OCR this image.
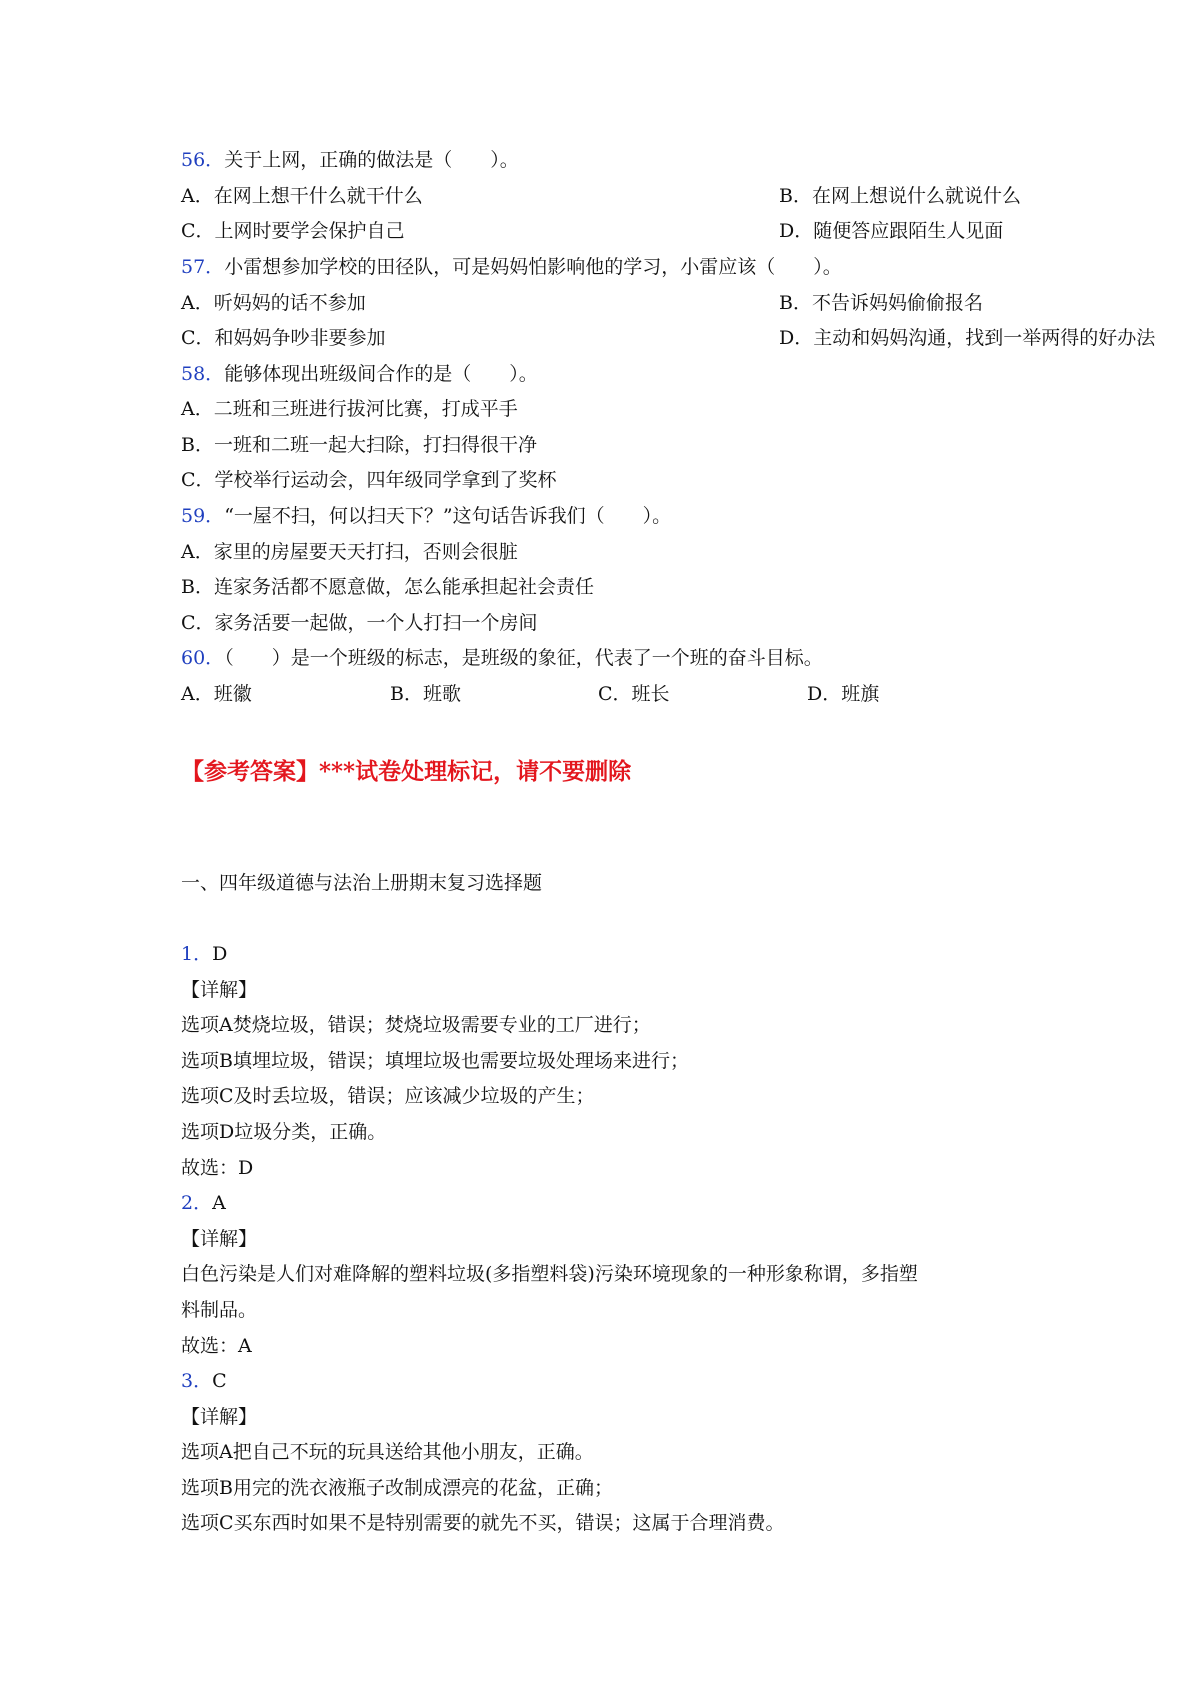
56．关于上网，正确的做法是（　　）。
A．在网上想干什么就干什么	B．在网上想说什么就说什么
C．上网时要学会保护自己	D．随便答应跟陌生人见面
57．小雷想参加学校的田径队，可是妈妈怕影响他的学习，小雷应该（　　）。
A．听妈妈的话不参加	B．不告诉妈妈偷偷报名
C．和妈妈争吵非要参加	D．主动和妈妈沟通，找到一举两得的好办法
58．能够体现出班级间合作的是（　　）。
A．二班和三班进行拔河比赛，打成平手
B．一班和二班一起大扫除，打扫得很干净
C．学校举行运动会，四年级同学拿到了奖杯
59．“一屋不扫，何以扫天下？”这句话告诉我们（　　）。
A．家里的房屋要天天打扫，否则会很脏
B．连家务活都不愿意做，怎么能承担起社会责任
C．家务活要一起做，一个人打扫一个房间
60．（　　）是一个班级的标志，是班级的象征，代表了一个班的奋斗目标。
A．班徽	B．班歌	C．班长	D．班旗
【参考答案】***试卷处理标记，请不要删除
一、四年级道德与法治上册期末复习选择题
1．D
【详解】
选项A焚烧垃圾，错误；焚烧垃圾需要专业的工厂进行；
选项B填埋垃圾，错误；填埋垃圾也需要垃圾处理场来进行；
选项C及时丢垃圾，错误；应该减少垃圾的产生；
选项D垃圾分类，正确。
故选：D
2．A
【详解】
白色污染是人们对难降解的塑料垃圾(多指塑料袋)污染环境现象的一种形象称谓，多指塑
料制品。
故选：A
3．C
【详解】
选项A把自己不玩的玩具送给其他小朋友，正确。
选项B用完的洗衣液瓶子改制成漂亮的花盆，正确；
选项C买东西时如果不是特别需要的就先不买，错误；这属于合理消费。
